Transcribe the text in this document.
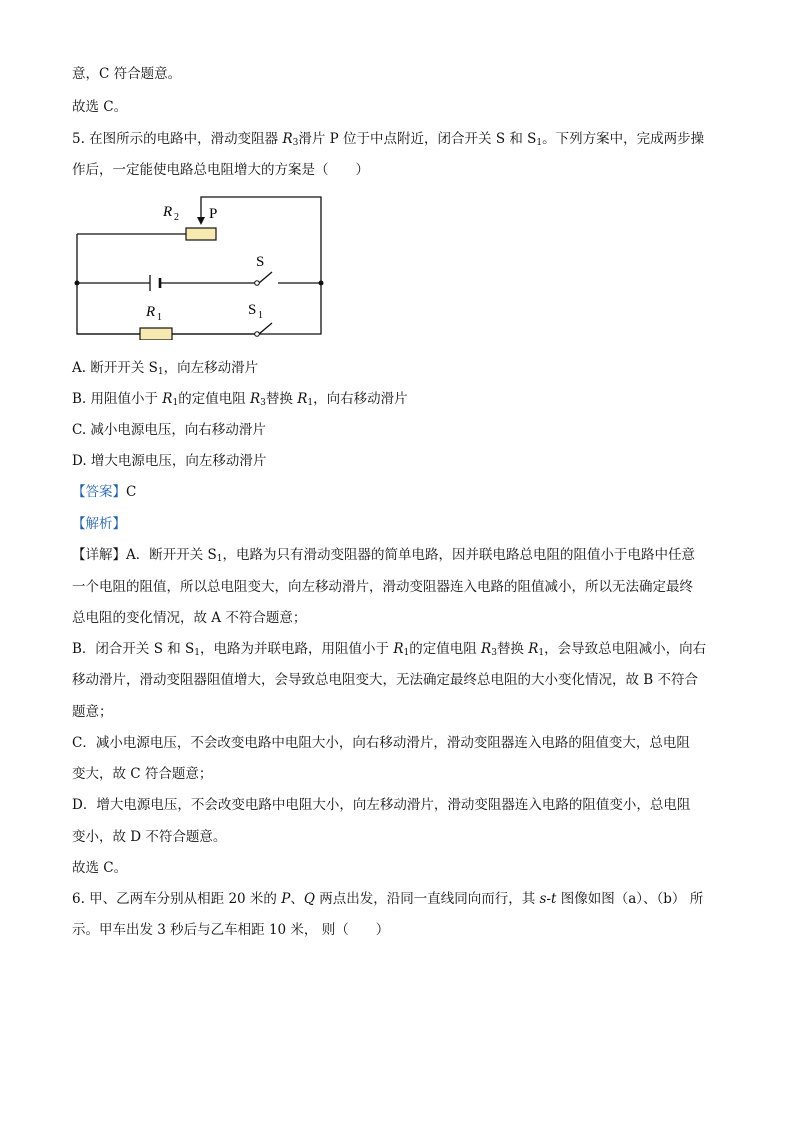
意，C 符合题意。
故选 C。
5. 在图所示的电路中，滑动变阻器 $R_3$滑片 P 位于中点附近，闭合开关 S 和 $S_1$。下列方案中，完成两步操
作后，一定能使电路总电阻增大的方案是（　　）
R 2 P
S
S 1
R 1
A. 断开开关 $S_1$，向左移动滑片
B. 用阻值小于 $R_1$的定值电阻 $R_3$替换 $R_1$，向右移动滑片
C. 减小电源电压，向右移动滑片
D. 增大电源电压，向左移动滑片
【答案】C
【解析】
【详解】A．断开开关 $S_1$，电路为只有滑动变阻器的简单电路，因并联电路总电阻的阻值小于电路中任意
一个电阻的阻值，所以总电阻变大，向左移动滑片，滑动变阻器连入电路的阻值减小，所以无法确定最终
总电阻的变化情况，故 A 不符合题意；
B．闭合开关 S 和 $S_1$，电路为并联电路，用阻值小于 $R_1$的定值电阻 $R_3$替换 $R_1$，会导致总电阻减小，向右
移动滑片，滑动变阻器阻值增大，会导致总电阻变大，无法确定最终总电阻的大小变化情况，故 B 不符合
题意；
C．减小电源电压，不会改变电路中电阻大小，向右移动滑片，滑动变阻器连入电路的阻值变大，总电阻
变大，故 C 符合题意；
D．增大电源电压，不会改变电路中电阻大小，向左移动滑片，滑动变阻器连入电路的阻值变小，总电阻
变小，故 D 不符合题意。
故选 C。
6. 甲、乙两车分别从相距 20 米的 P、Q 两点出发，沿同一直线同向而行，其 s-t 图像如图（a）、（b） 所
示。甲车出发 3 秒后与乙车相距 10 米， 则（　　）
